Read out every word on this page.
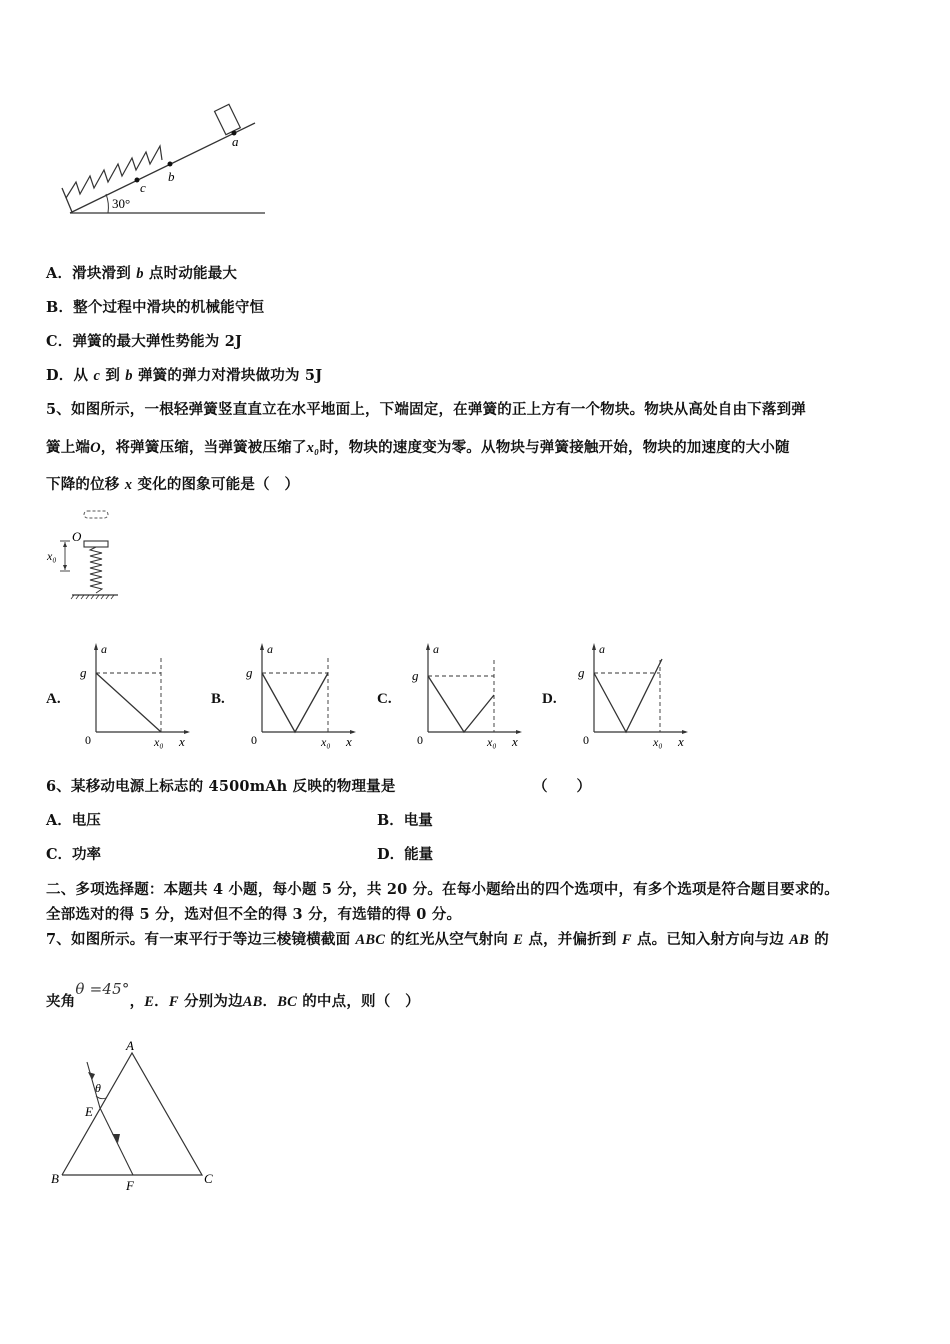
a
b
c
30°
A．滑块滑到 b 点时动能最大
B．整个过程中滑块的机械能守恒
C．弹簧的最大弹性势能为 2J
D．从 c 到 b 弹簧的弹力对滑块做功为 5J
5、如图所示，一根轻弹簧竖直直立在水平地面上，下端固定，在弹簧的正上方有一个物块。物块从高处自由下落到弹
簧上端O，将弹簧压缩，当弹簧被压缩了x₀时，物块的速度变为零。从物块与弹簧接触开始，物块的加速度的大小随
下降的位移 x 变化的图象可能是（　）
O
x₀
A.	B.	C.	D.
a
g
0	x₀ x
a
g
0	x₀ x
a
g
0	x₀ x
a
g
0	x₀ x
6、某移动电源上标志的 4500mAh 反映的物理量是	（　　）
A．电压	B．电量
C．功率	D．能量
二、多项选择题：本题共 4 小题，每小题 5 分，共 20 分。在每小题给出的四个选项中，有多个选项是符合题目要求的。
全部选对的得 5 分，选对但不全的得 3 分，有选错的得 0 分。
7、如图所示。有一束平行于等边三棱镜横截面 ABC 的红光从空气射向 E 点，并偏折到 F 点。已知入射方向与边 AB 的
夹角θ =45°，E．F 分别为边AB．BC 的中点，则（　）
A
B	C
E
F
θ
